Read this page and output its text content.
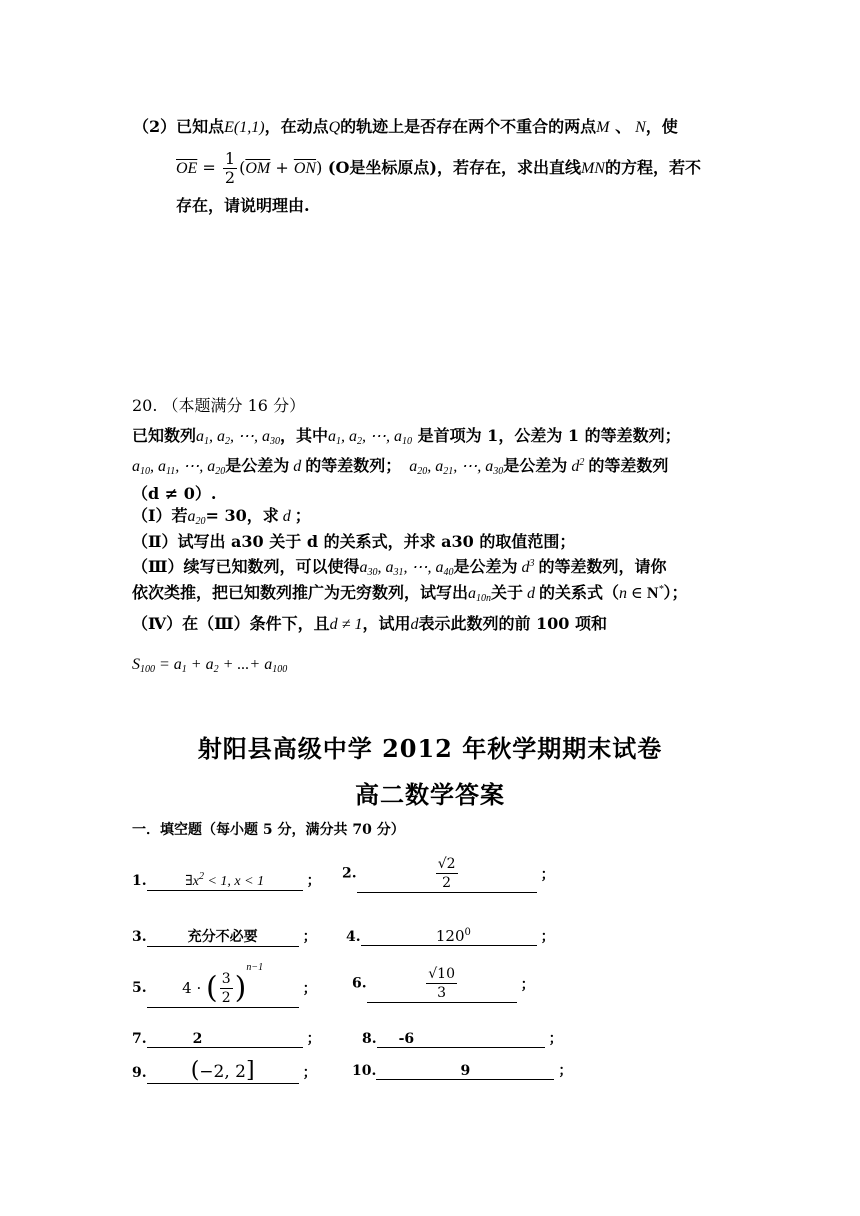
（2）已知点E(1,1)，在动点Q的轨迹上是否存在两个不重合的两点M 、 N，使
$\overline{OE} = \frac{1}{2} (\overline{OM} + \overline{ON})$ (O是坐标原点)，若存在，求出直线MN的方程，若不
存在，请说明理由.
20. （本题满分 16 分）
已知数列$a_1$, $a_2$, ⋯, $a_{30}$，其中$a_1$, $a_2$, ⋯, $a_{10}$ 是首项为 1，公差为 1 的等差数列；
$a_{10}$, $a_{11}$, ⋯, $a_{20}$是公差为 d 的等差数列；  $a_{20}$, $a_{21}$, ⋯, $a_{30}$是公差为 $d^2$ 的等差数列
（d ≠ 0）.
（Ⅰ）若$a_{20}= 30$，求 d ；
（Ⅱ）试写出 a30 关于 d 的关系式，并求 a30 的取值范围；
（Ⅲ）续写已知数列，可以使得$a_{30}$, $a_{31}$, ⋯, $a_{40}$是公差为 $d^3$ 的等差数列，请你
依次类推，把已知数列推广为无穷数列，试写出$a_{10n}$关于 d 的关系式（n ∈ N*）；
（Ⅳ）在（Ⅲ）条件下，且d ≠ 1，试用d表示此数列的前 100 项和
$S_{100} = a_1 + a_2$ + ...+ $a_{100}$
射阳县高级中学 2012 年秋学期期末试卷
高二数学答案
一．填空题（每小题 5 分，满分共 70 分）
1.	$\exists x^2 < 1$, x < 1	； 2.	$\frac{√2}{2}$	；
3.	充分不必要	； 4.	$120^0$	；
5. 4 · ( $\frac{3}{2} )^{n-1}$；	6.	$\frac{√10}{3}$	；
7.	2	；	8. -6	；
9. (−2, 2]	；	10.	9	；
